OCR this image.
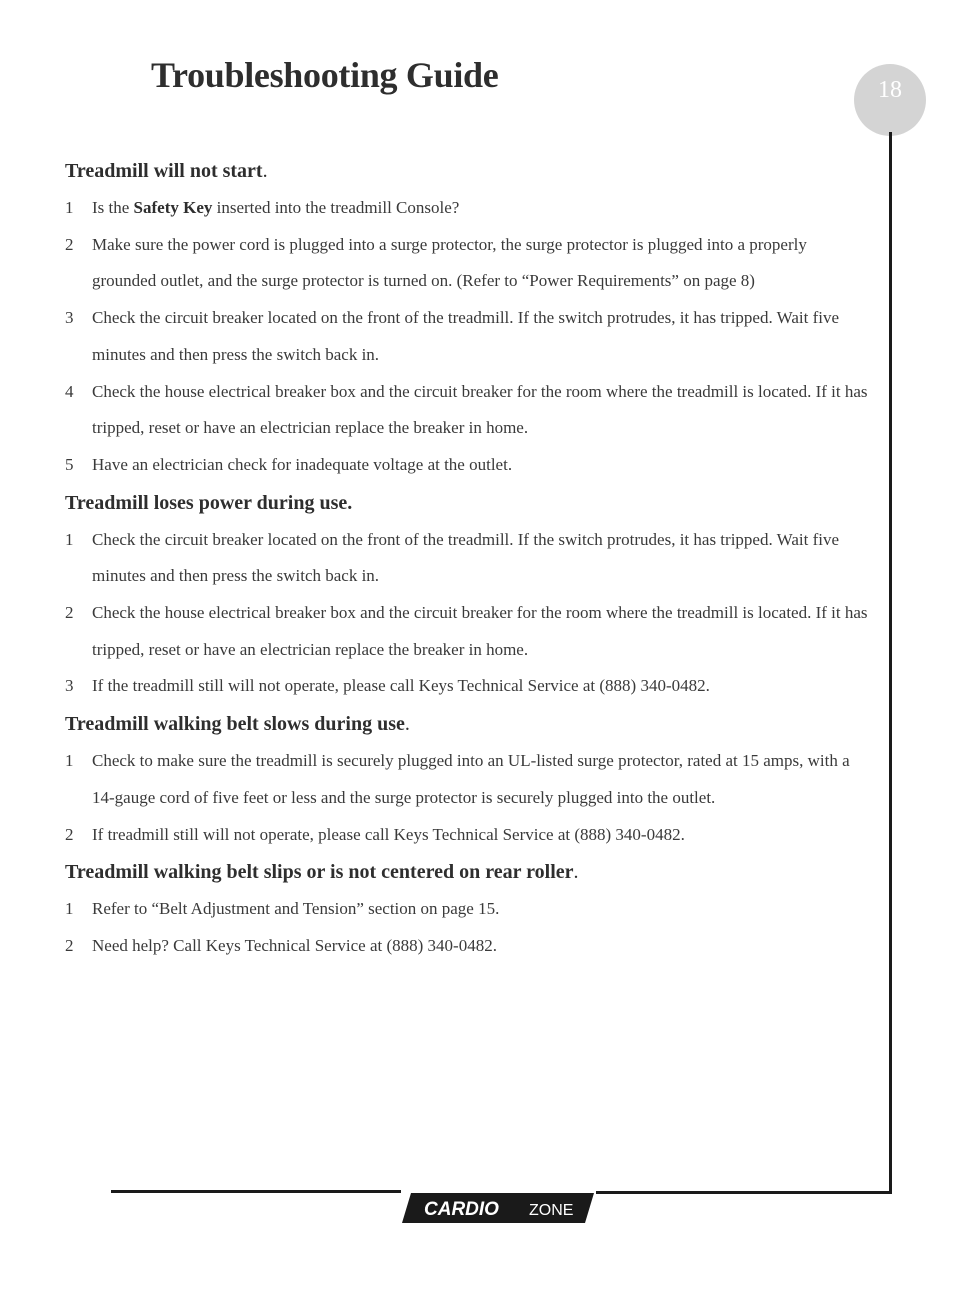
Troubleshooting Guide	18
Treadmill will not start.
1	Is the Safety Key inserted into the treadmill Console?
2	Make sure the power cord is plugged into a surge protector, the surge protector is plugged into a properly grounded outlet, and the surge protector is turned on. (Refer to “Power Requirements” on page 8)
3	Check the circuit breaker located on the front of the treadmill. If the switch protrudes, it has tripped. Wait five minutes and then press the switch back in.
4	Check the house electrical breaker box and the circuit breaker for the room where the treadmill is located. If it has tripped, reset or have an electrician replace the breaker in home.
5	Have an electrician check for inadequate voltage at the outlet.
Treadmill loses power during use.
1	Check the circuit breaker located on the front of the treadmill. If the switch protrudes, it has tripped. Wait five minutes and then press the switch back in.
2	Check the house electrical breaker box and the circuit breaker for the room where the treadmill is located. If it has tripped, reset or have an electrician replace the breaker in home.
3	If the treadmill still will not operate, please call Keys Technical Service at (888) 340-0482.
Treadmill walking belt slows during use.
1	Check to make sure the treadmill is securely plugged into an UL-listed surge protector, rated at 15 amps, with a 14-gauge cord of five feet or less and the surge protector is securely plugged into the outlet.
2	If treadmill still will not operate, please call Keys Technical Service at (888) 340-0482.
Treadmill walking belt slips or is not centered on rear roller.
1	Refer to “Belt Adjustment and Tension” section on page 15.
2	Need help? Call Keys Technical Service at (888) 340-0482.
CARDIO ZONE
